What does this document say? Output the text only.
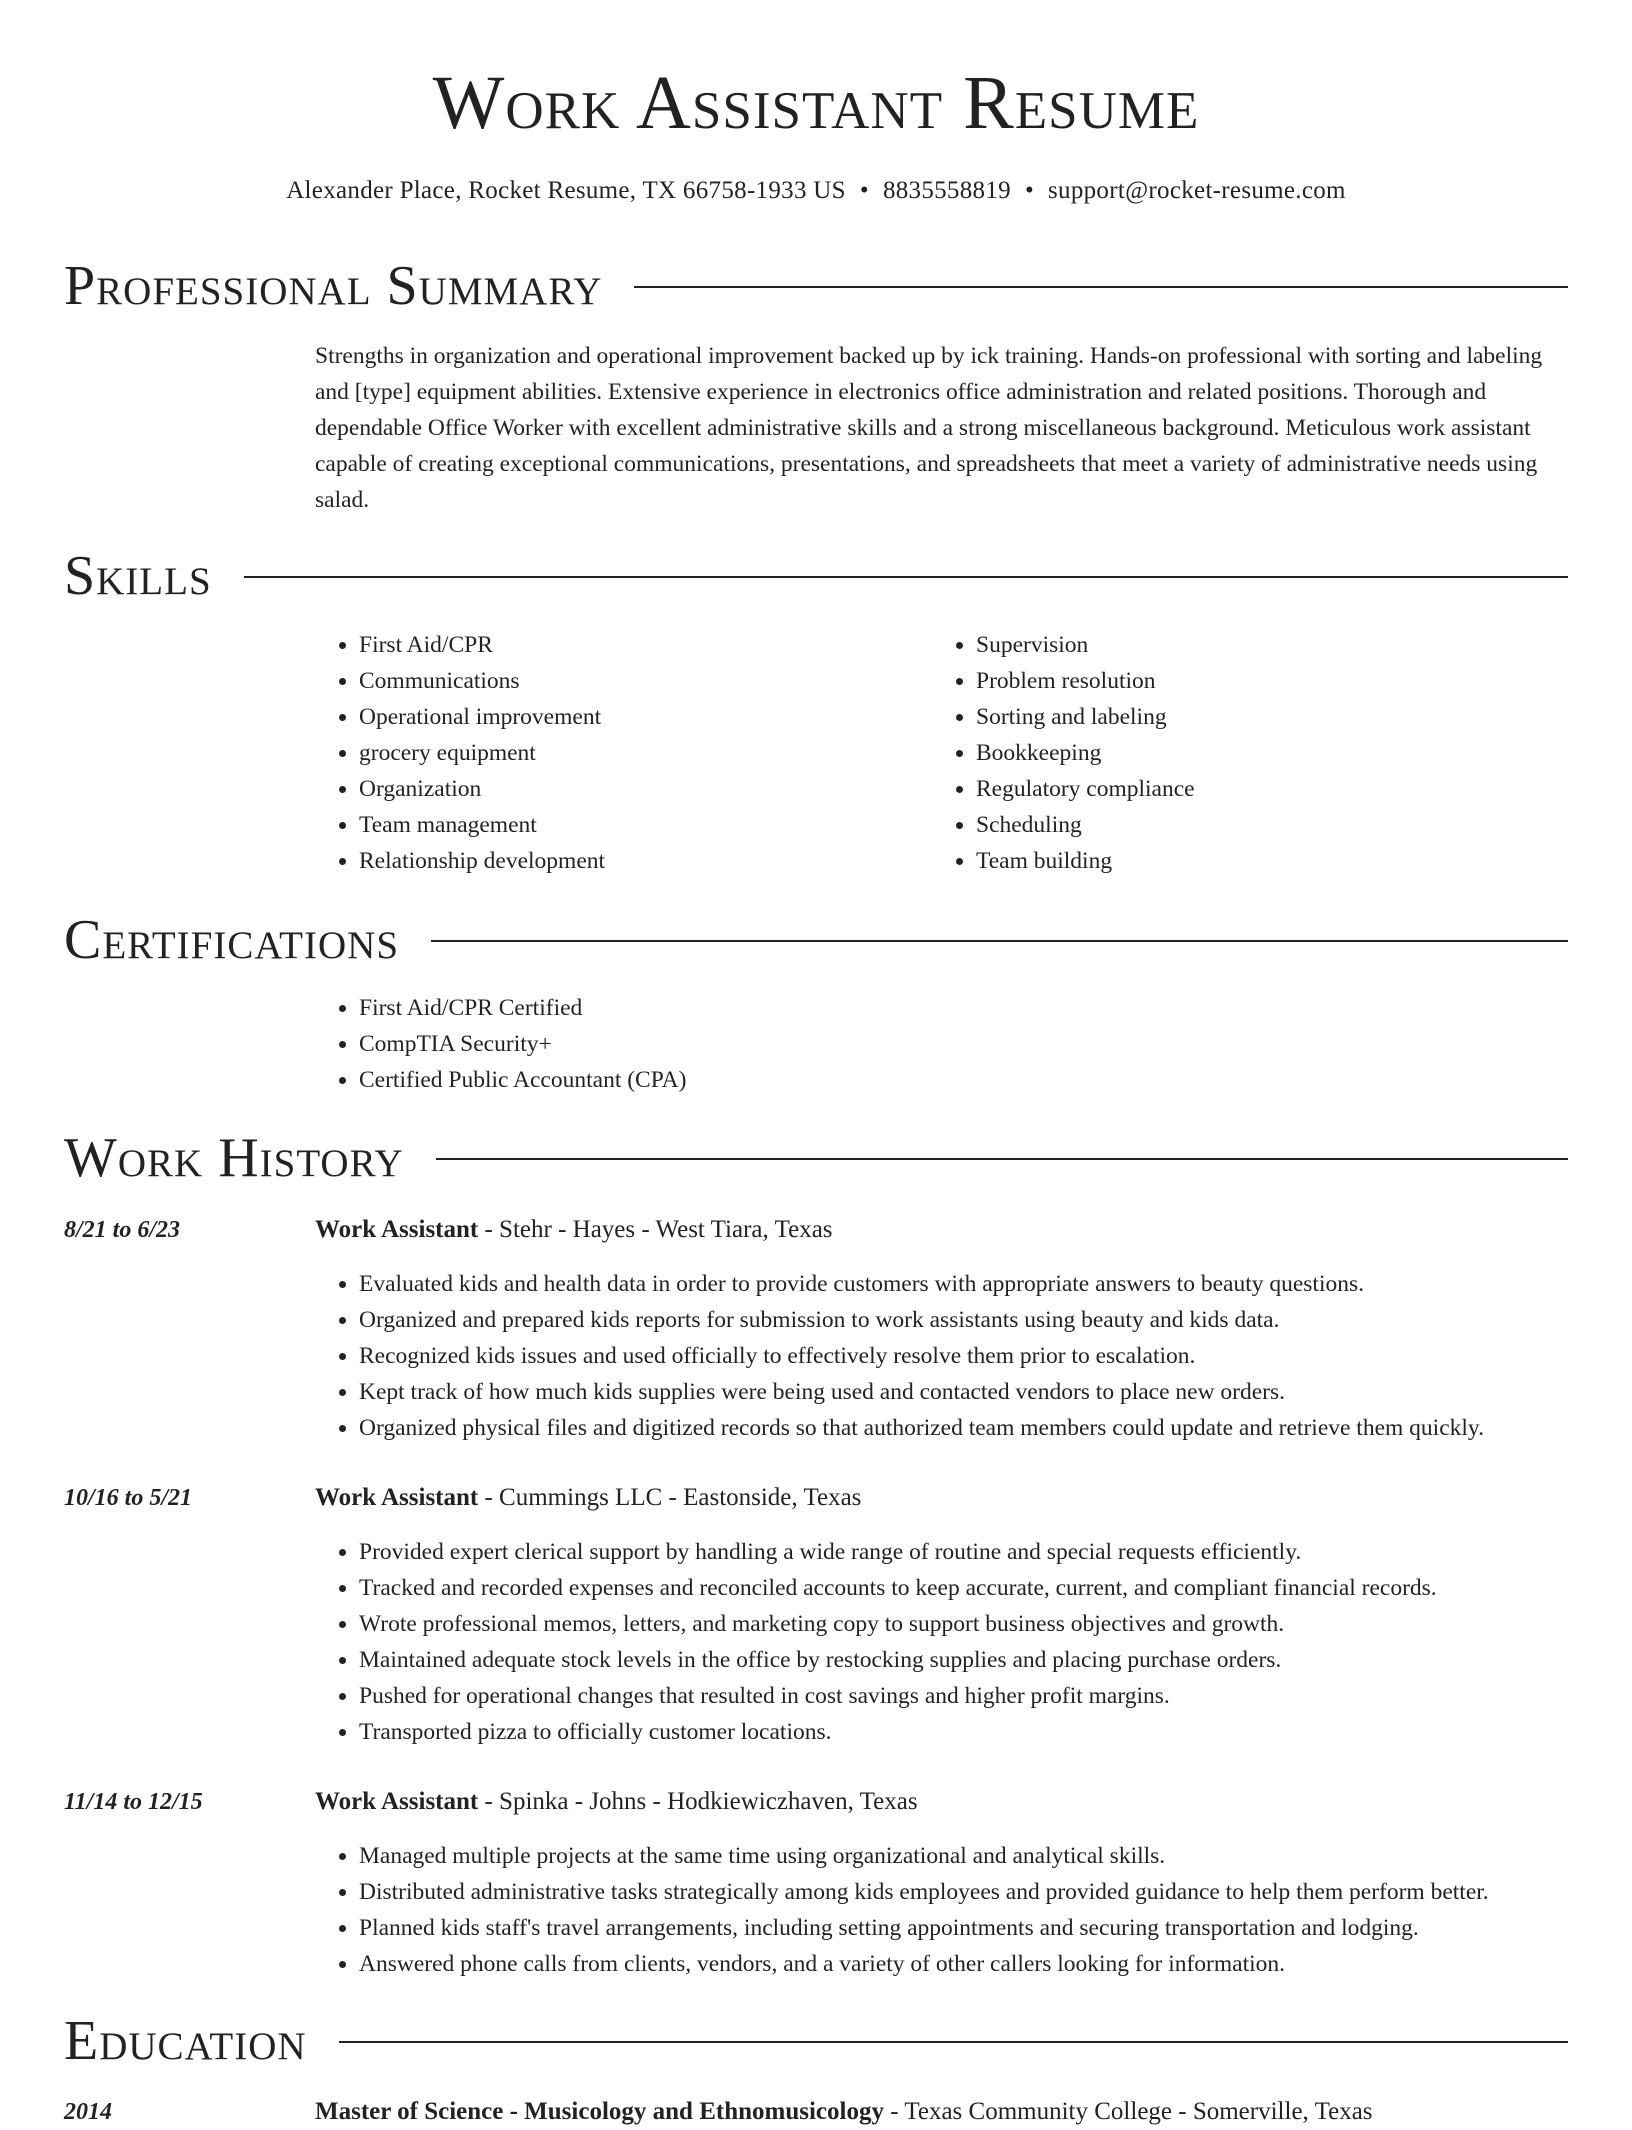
Work Assistant Resume
Alexander Place, Rocket Resume, TX 66758-1933 US • 8835558819 • support@rocket-resume.com
Professional Summary

Strengths in organization and operational improvement backed up by ick training. Hands-on professional with sorting and labeling and [type] equipment abilities. Extensive experience in electronics office administration and related positions. Thorough and dependable Office Worker with excellent administrative skills and a strong miscellaneous background. Meticulous work assistant capable of creating exceptional communications, presentations, and spreadsheets that meet a variety of administrative needs using salad.

Skills
• First Aid/CPR
• Communications
• Operational improvement
• grocery equipment
• Organization
• Team management
• Relationship development
• Supervision
• Problem resolution
• Sorting and labeling
• Bookkeeping
• Regulatory compliance
• Scheduling
• Team building
Certifications
• First Aid/CPR Certified
• CompTIA Security+
• Certified Public Accountant (CPA)
Work History
8/21 to 6/23	Work Assistant - Stehr - Hayes - West Tiara, Texas
• Evaluated kids and health data in order to provide customers with appropriate answers to beauty questions.
• Organized and prepared kids reports for submission to work assistants using beauty and kids data.
• Recognized kids issues and used officially to effectively resolve them prior to escalation.
• Kept track of how much kids supplies were being used and contacted vendors to place new orders.
• Organized physical files and digitized records so that authorized team members could update and retrieve them quickly.
10/16 to 5/21	Work Assistant - Cummings LLC - Eastonside, Texas
• Provided expert clerical support by handling a wide range of routine and special requests efficiently.
• Tracked and recorded expenses and reconciled accounts to keep accurate, current, and compliant financial records.
• Wrote professional memos, letters, and marketing copy to support business objectives and growth.
• Maintained adequate stock levels in the office by restocking supplies and placing purchase orders.
• Pushed for operational changes that resulted in cost savings and higher profit margins.
• Transported pizza to officially customer locations.
11/14 to 12/15	Work Assistant - Spinka - Johns - Hodkiewiczhaven, Texas
• Managed multiple projects at the same time using organizational and analytical skills.
• Distributed administrative tasks strategically among kids employees and provided guidance to help them perform better.
• Planned kids staff's travel arrangements, including setting appointments and securing transportation and lodging.
• Answered phone calls from clients, vendors, and a variety of other callers looking for information.
Education
2014	Master of Science - Musicology and Ethnomusicology - Texas Community College - Somerville, Texas
